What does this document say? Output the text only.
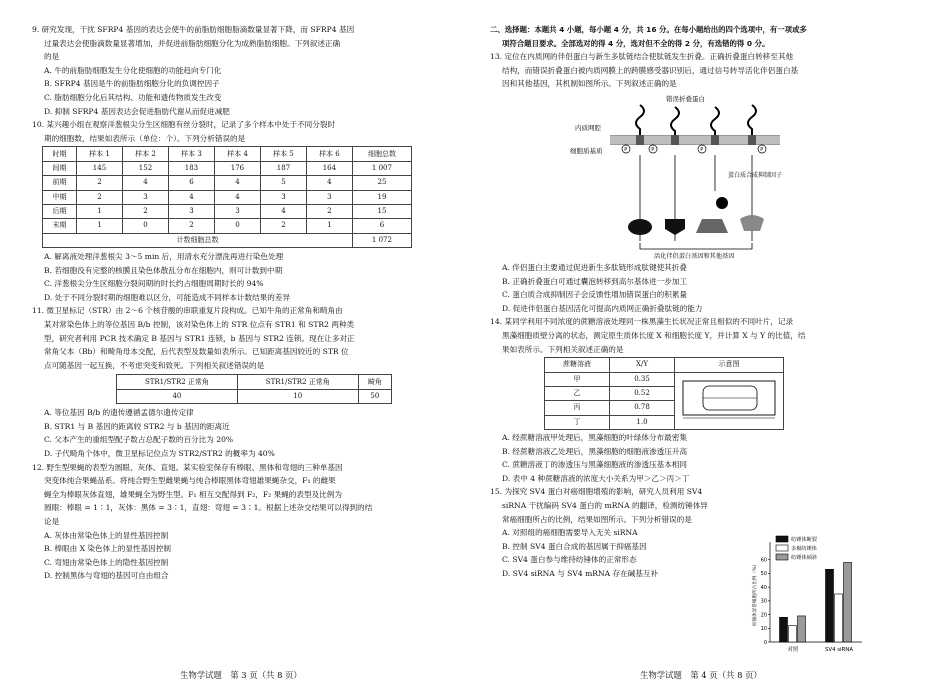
9. 研究发现，干扰 SFRP4 基因的表达会使牛的前脂肪细胞脂滴数量显著下降，而 SFRP4 基因

过量表达会使脂滴数量显著增加，并促进前脂肪细胞分化为成熟脂肪细胞。下列叙述正确

的是

A. 牛的前脂肪细胞发生分化使细胞的功能趋向专门化

B. SFRP4 基因是牛的前脂肪细胞分化的负调控因子

C. 脂肪细胞分化后其结构、功能和遗传物质发生改变

D. 抑制 SFRP4 基因表达会促进脂肪代谢从而促进减肥

10. 某兴趣小组在观察洋葱根尖分生区细胞有丝分裂时，记录了多个样本中处于不同分裂时

期的细胞数，结果如表所示（单位：个）。下列分析错误的是

时期	样本 1	样本 2	样本 3	样本 4	样本 5	样本 6	细胞总数
间期	145	152	183	176	187	164	1 007
前期	2	4	6	4	5	4	25
中期	2	3	4	4	3	3	19
后期	1	2	3	3	4	2	15
末期	1	0	2	0	2	1	6
计数细胞总数							1 072

A. 解离液处理洋葱根尖 3～5 min 后，用清水充分漂洗再进行染色处理

B. 若细胞没有完整的核膜且染色体散乱分布在细胞内，则可计数到中期

C. 洋葱根尖分生区细胞分裂间期的时长约占细胞周期时长的 94%

D. 处于不同分裂时期的细胞难以区分，可能造成不同样本计数结果的差异

11. 微卫星标记（STR）由 2～6 个核苷酸的串联重复片段构成。已知牛角的正常角和畸角由

某对常染色体上的等位基因 B/b 控制，该对染色体上的 STR 位点有 STR1 和 STR2 两种类

型，研究者利用 PCR 技术确定 B 基因与 STR1 连锁，b 基因与 STR2 连锁。现在让多对正

常角父本（Bb）和畸角母本交配，后代表型及数量如表所示。已知距离基因较近的 STR 位

点可随基因一起互换，不考虑突变和致死。下列相关叙述错误的是

STR1/STR2 正常角	STR1/STR2 正常角	畸角
40	10	50

A. 等位基因 B/b 的遗传遵循孟德尔遗传定律

B. STR1 与 B 基因的距离较 STR2 与 b 基因的距离近

C. 父本产生的重组型配子数占总配子数的百分比为 20%

D. 子代畸角个体中，微卫星标记位点为 STR2/STR2 的概率为 40%

12. 野生型果蝇的表型为圆眼、灰体、直翅。某实验室保存有棒眼、黑体和弯翅的三种单基因

突变体纯合果蝇品系。将纯合野生型雌果蝇与纯合棒眼黑体弯翅雄果蝇杂交，F₁ 的雌果

蝇全为棒眼灰体直翅，雄果蝇全为野生型。F₁ 相互交配得到 F₂，F₂ 果蝇的表型及比例为

圆眼：棒眼 = 1∶1，灰体：黑体 = 3∶1，直翅：弯翅 = 3∶1。根据上述杂交结果可以得到的结

论是

A. 灰体由常染色体上的显性基因控制

B. 棒眼由 X 染色体上的显性基因控制

C. 弯翅由常染色体上的隐性基因控制

D. 控制黑体与弯翅的基因可自由组合

生物学试题　第 3 页（共 8 页）

二、选择题：本题共 4 小题，每小题 4 分，共 16 分。在每小题给出的四个选项中，有一项或多

项符合题目要求。全部选对的得 4 分，选对但不全的得 2 分，有选错的得 0 分。

13. 定位在内质网的伴侣蛋白与新生多肽链结合使肽链发生折叠。正确折叠蛋白转移至其他

结构，而错误折叠蛋白被内质网膜上的跨膜感受器识别后，通过信号转导活化伴侣蛋白基

因和其他基因，其机制如图所示。下列叙述正确的是

错误折叠蛋白
内质网腔
细胞质基质	P	P	P	P
蛋白质合成抑制因子
活化伴侣蛋白基因和其他基因

A. 伴侣蛋白主要通过促进新生多肽链形成肽键使其折叠

B. 正确折叠蛋白可通过囊泡转移到高尔基体进一步加工

C. 蛋白质合成抑制因子会反馈性增加错误蛋白的积累量

D. 促进伴侣蛋白基因活化可提高内质网正确折叠肽链的能力

14. 某同学利用不同浓度的蔗糖溶液处理同一株黑藻生长状况正常且相似的不同叶片，记录

黑藻细胞质壁分离的状态，测定原生质体长度 X 和细胞长度 Y，并计算 X 与 Y 的比值，结

果如表所示。下列相关叙述正确的是

蔗糖溶液	X/Y	示意图
甲	0.35	
乙	0.52	
丙	0.78	
丁	1.0	

A. 经蔗糖溶液甲处理后，黑藻细胞的叶绿体分布最密集

B. 经蔗糖溶液乙处理后，黑藻细胞的细胞液渗透压升高

C. 蔗糖溶液丁的渗透压与黑藻细胞液的渗透压基本相同

D. 表中 4 种蔗糖溶液的浓度大小关系为甲＞乙＞丙＞丁

15. 为探究 SV4 蛋白对癌细胞增殖的影响，研究人员利用 SV4

siRNA 干扰编码 SV4 蛋白的 mRNA 的翻译，检测纺锤体异

常癌细胞所占的比例，结果如图所示。下列分析错误的是

A. 对照组的癌细胞需要导入无关 siRNA

B. 控制 SV4 蛋白合成的基因属于抑癌基因

C. SV4 蛋白参与维持纺锤体的正常形态

D. SV4 siRNA 与 SV4 mRNA 存在碱基互补

0
10
20
30
40
50
60
纺锤体异常细胞所占比例（%）
对照	SV4 siRNA
纺锤体断裂
多极纺锤体
纺锤体倾斜
生物学试题　第 4 页（共 8 页）
